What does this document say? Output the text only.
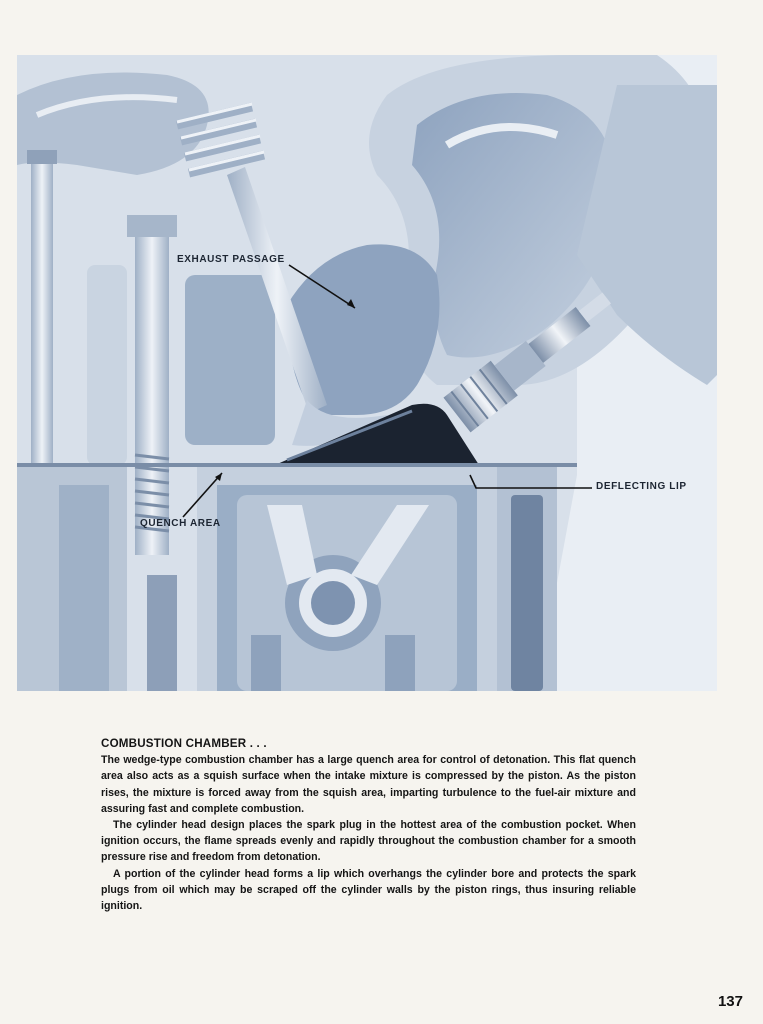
EXHAUST PASSAGE
QUENCH AREA
DEFLECTING LIP
COMBUSTION CHAMBER . . .

The wedge-type combustion chamber has a large quench area for control of detonation. This flat quench area also acts as a squish surface when the intake mixture is compressed by the piston. As the piston rises, the mixture is forced away from the squish area, imparting turbulence to the fuel-air mixture and assuring fast and complete combustion.

The cylinder head design places the spark plug in the hottest area of the combustion pocket. When ignition occurs, the flame spreads evenly and rapidly throughout the combustion chamber for a smooth pressure rise and freedom from detonation.

A portion of the cylinder head forms a lip which overhangs the cylinder bore and protects the spark plugs from oil which may be scraped off the cylinder walls by the piston rings, thus insuring reliable ignition.

137
